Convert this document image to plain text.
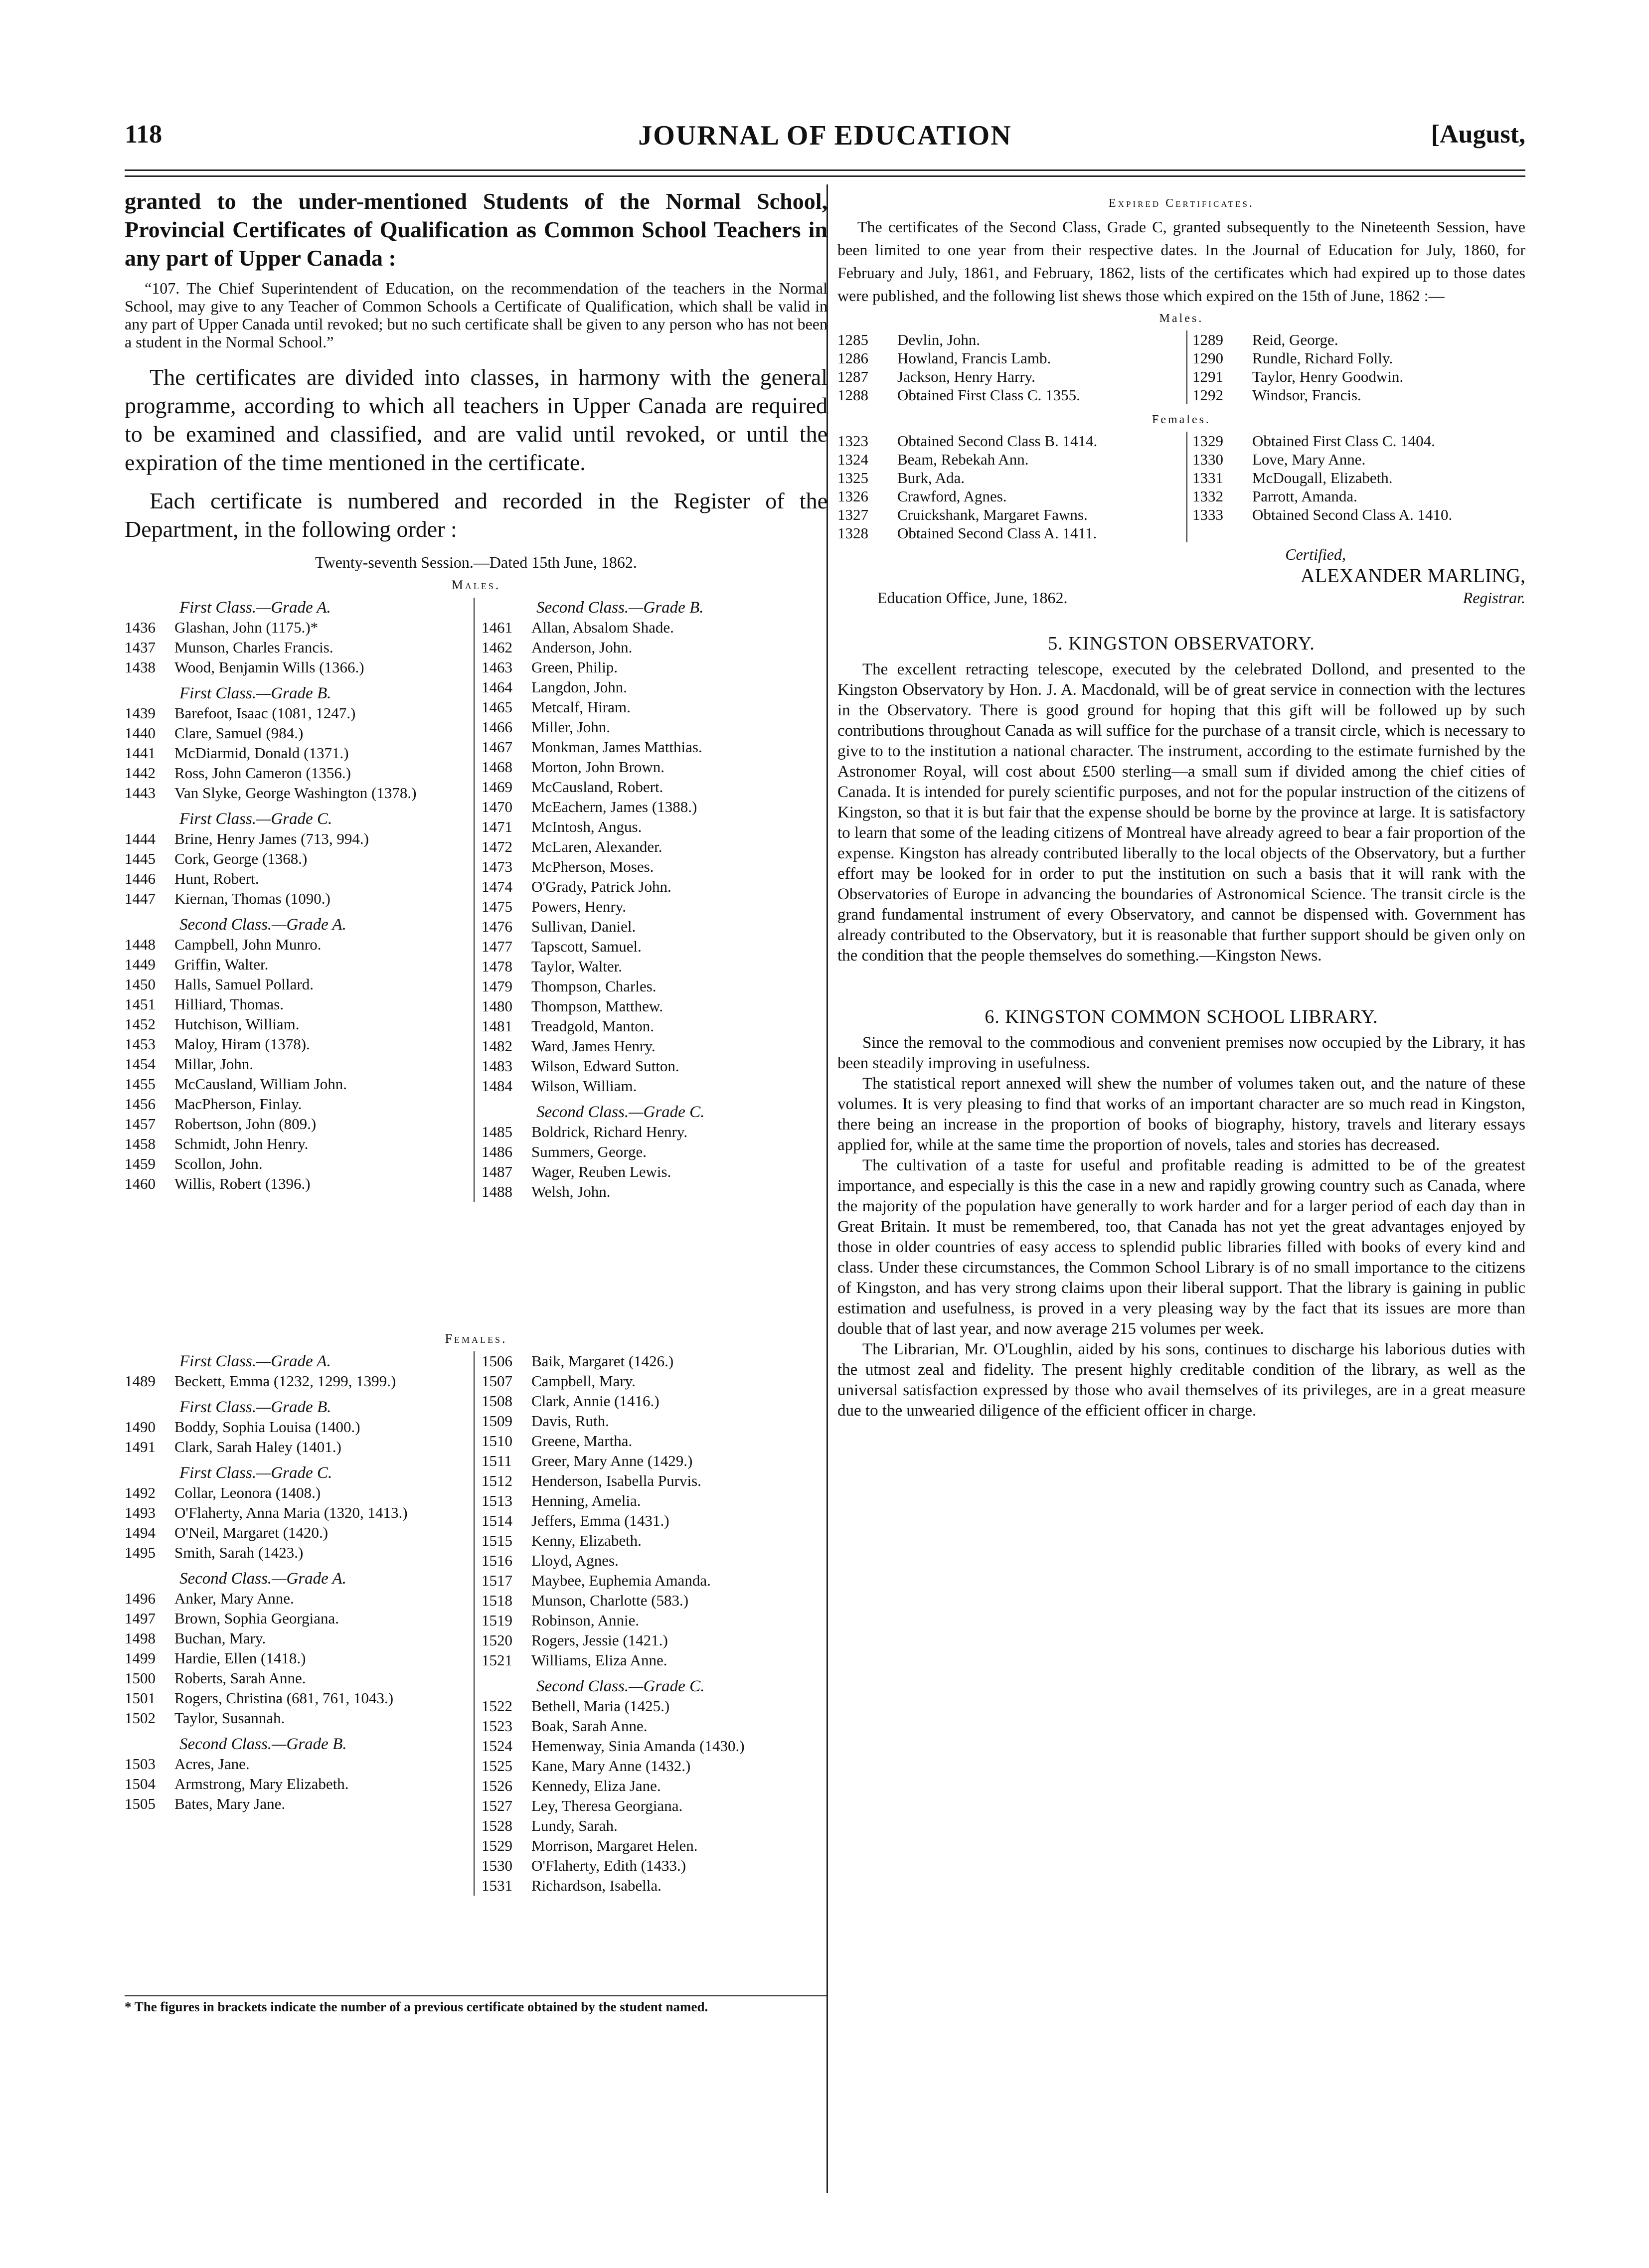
118	JOURNAL OF EDUCATION	[August,

granted to the under-mentioned Students of the Normal School, Provincial Certificates of Qualification as Common School Teachers in any part of Upper Canada :

“107. The Chief Superintendent of Education, on the recommendation of the teachers in the Normal School, may give to any Teacher of Common Schools a Certificate of Qualification, which shall be valid in any part of Upper Canada until revoked; but no such certificate shall be given to any person who has not been a student in the Normal School.”

The certificates are divided into classes, in harmony with the general programme, according to which all teachers in Upper Canada are required to be examined and classified, and are valid until revoked, or until the expiration of the time mentioned in the certificate.

Each certificate is numbered and recorded in the Register of the Department, in the following order :

Twenty-seventh Session.—Dated 15th June, 1862.

Males.

First Class.—Grade A.
1436	Glashan, John (1175.)*
1437	Munson, Charles Francis.
1438	Wood, Benjamin Wills (1366.)
First Class.—Grade B.
1439	Barefoot, Isaac (1081, 1247.)
1440	Clare, Samuel (984.)
1441	McDiarmid, Donald (1371.)
1442	Ross, John Cameron (1356.)
1443	Van Slyke, George Washington (1378.)
First Class.—Grade C.
1444	Brine, Henry James (713, 994.)
1445	Cork, George (1368.)
1446	Hunt, Robert.
1447	Kiernan, Thomas (1090.)
Second Class.—Grade A.
1448	Campbell, John Munro.
1449	Griffin, Walter.
1450	Halls, Samuel Pollard.
1451	Hilliard, Thomas.
1452	Hutchison, William.
1453	Maloy, Hiram (1378).
1454	Millar, John.
1455	McCausland, William John.
1456	MacPherson, Finlay.
1457	Robertson, John (809.)
1458	Schmidt, John Henry.
1459	Scollon, John.
1460	Willis, Robert (1396.)
Second Class.—Grade B.
1461	Allan, Absalom Shade.
1462	Anderson, John.
1463	Green, Philip.
1464	Langdon, John.
1465	Metcalf, Hiram.
1466	Miller, John.
1467	Monkman, James Matthias.
1468	Morton, John Brown.
1469	McCausland, Robert.
1470	McEachern, James (1388.)
1471	McIntosh, Angus.
1472	McLaren, Alexander.
1473	McPherson, Moses.
1474	O'Grady, Patrick John.
1475	Powers, Henry.
1476	Sullivan, Daniel.
1477	Tapscott, Samuel.
1478	Taylor, Walter.
1479	Thompson, Charles.
1480	Thompson, Matthew.
1481	Treadgold, Manton.
1482	Ward, James Henry.
1483	Wilson, Edward Sutton.
1484	Wilson, William.
Second Class.—Grade C.
1485	Boldrick, Richard Henry.
1486	Summers, George.
1487	Wager, Reuben Lewis.
1488	Welsh, John.

Females.

First Class.—Grade A.
1489	Beckett, Emma (1232, 1299, 1399.)
First Class.—Grade B.
1490	Boddy, Sophia Louisa (1400.)
1491	Clark, Sarah Haley (1401.)
First Class.—Grade C.
1492	Collar, Leonora (1408.)
1493	O'Flaherty, Anna Maria (1320, 1413.)
1494	O'Neil, Margaret (1420.)
1495	Smith, Sarah (1423.)
Second Class.—Grade A.
1496	Anker, Mary Anne.
1497	Brown, Sophia Georgiana.
1498	Buchan, Mary.
1499	Hardie, Ellen (1418.)
1500	Roberts, Sarah Anne.
1501	Rogers, Christina (681, 761, 1043.)
1502	Taylor, Susannah.
Second Class.—Grade B.
1503	Acres, Jane.
1504	Armstrong, Mary Elizabeth.
1505	Bates, Mary Jane.
1506	Baik, Margaret (1426.)
1507	Campbell, Mary.
1508	Clark, Annie (1416.)
1509	Davis, Ruth.
1510	Greene, Martha.
1511	Greer, Mary Anne (1429.)
1512	Henderson, Isabella Purvis.
1513	Henning, Amelia.
1514	Jeffers, Emma (1431.)
1515	Kenny, Elizabeth.
1516	Lloyd, Agnes.
1517	Maybee, Euphemia Amanda.
1518	Munson, Charlotte (583.)
1519	Robinson, Annie.
1520	Rogers, Jessie (1421.)
1521	Williams, Eliza Anne.
Second Class.—Grade C.
1522	Bethell, Maria (1425.)
1523	Boak, Sarah Anne.
1524	Hemenway, Sinia Amanda (1430.)
1525	Kane, Mary Anne (1432.)
1526	Kennedy, Eliza Jane.
1527	Ley, Theresa Georgiana.
1528	Lundy, Sarah.
1529	Morrison, Margaret Helen.
1530	O'Flaherty, Edith (1433.)
1531	Richardson, Isabella.

* The figures in brackets indicate the number of a previous certificate obtained by the student named.

Expired Certificates.

The certificates of the Second Class, Grade C, granted subsequently to the Nineteenth Session, have been limited to one year from their respective dates. In the Journal of Education for July, 1860, for February and July, 1861, and February, 1862, lists of the certificates which had expired up to those dates were published, and the following list shews those which expired on the 15th of June, 1862 :—

Males.

1285	Devlin, John.	1289	Reid, George.
1286	Howland, Francis Lamb.	1290	Rundle, Richard Folly.
1287	Jackson, Henry Harry.	1291	Taylor, Henry Goodwin.
1288	Obtained First Class C. 1355.	1292	Windsor, Francis.

Females.

1323	Obtained Second Class B. 1414.	1329	Obtained First Class C. 1404.
1324	Beam, Rebekah Ann.	1330	Love, Mary Anne.
1325	Burk, Ada.	1331	McDougall, Elizabeth.
1326	Crawford, Agnes.	1332	Parrott, Amanda.
1327	Cruickshank, Margaret Fawns.	1333	Obtained Second Class A. 1410.
1328	Obtained Second Class A. 1411.
Certified,
ALEXANDER MARLING,
Education Office, June, 1862.	Registrar.

5. KINGSTON OBSERVATORY.

The excellent retracting telescope, executed by the celebrated Dollond, and presented to the Kingston Observatory by Hon. J. A. Macdonald, will be of great service in connection with the lectures in the Observatory. There is good ground for hoping that this gift will be followed up by such contributions throughout Canada as will suffice for the purchase of a transit circle, which is necessary to give to to the institution a national character. The instrument, according to the estimate furnished by the Astronomer Royal, will cost about £500 sterling—a small sum if divided among the chief cities of Canada. It is intended for purely scientific purposes, and not for the popular instruction of the citizens of Kingston, so that it is but fair that the expense should be borne by the province at large. It is satisfactory to learn that some of the leading citizens of Montreal have already agreed to bear a fair proportion of the expense. Kingston has already contributed liberally to the local objects of the Observatory, but a further effort may be looked for in order to put the institution on such a basis that it will rank with the Observatories of Europe in advancing the boundaries of Astronomical Science. The transit circle is the grand fundamental instrument of every Observatory, and cannot be dispensed with. Government has already contributed to the Observatory, but it is reasonable that further support should be given only on the condition that the people themselves do something.—Kingston News.

6. KINGSTON COMMON SCHOOL LIBRARY.

Since the removal to the commodious and convenient premises now occupied by the Library, it has been steadily improving in usefulness.

The statistical report annexed will shew the number of volumes taken out, and the nature of these volumes. It is very pleasing to find that works of an important character are so much read in Kingston, there being an increase in the proportion of books of biography, history, travels and literary essays applied for, while at the same time the proportion of novels, tales and stories has decreased.

The cultivation of a taste for useful and profitable reading is admitted to be of the greatest importance, and especially is this the case in a new and rapidly growing country such as Canada, where the majority of the population have generally to work harder and for a larger period of each day than in Great Britain. It must be remembered, too, that Canada has not yet the great advantages enjoyed by those in older countries of easy access to splendid public libraries filled with books of every kind and class. Under these circumstances, the Common School Library is of no small importance to the citizens of Kingston, and has very strong claims upon their liberal support. That the library is gaining in public estimation and usefulness, is proved in a very pleasing way by the fact that its issues are more than double that of last year, and now average 215 volumes per week.

The Librarian, Mr. O'Loughlin, aided by his sons, continues to discharge his laborious duties with the utmost zeal and fidelity. The present highly creditable condition of the library, as well as the universal satisfaction expressed by those who avail themselves of its privileges, are in a great measure due to the unwearied diligence of the efficient officer in charge.
